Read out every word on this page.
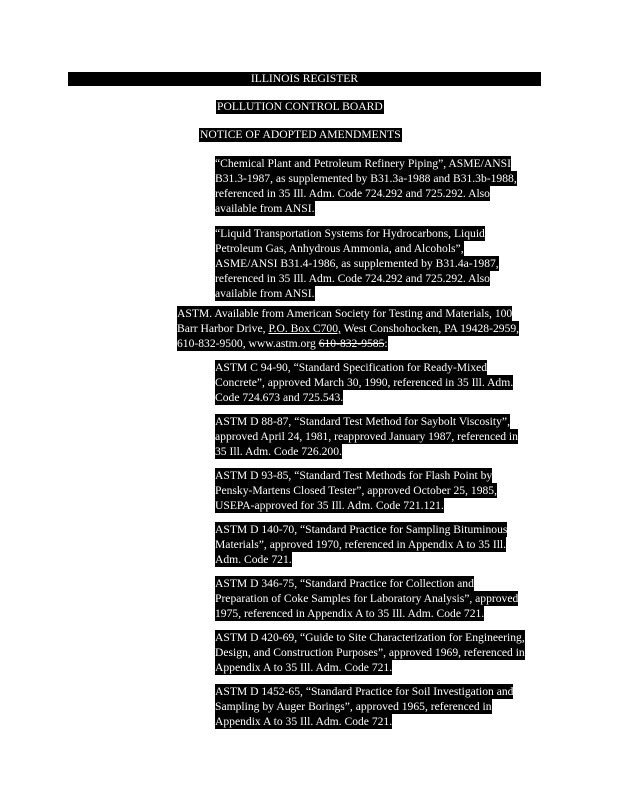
ILLINOIS REGISTER
POLLUTION CONTROL BOARD
NOTICE OF ADOPTED AMENDMENTS
“Chemical Plant and Petroleum Refinery Piping”, ASME/ANSI
B31.3-1987, as supplemented by B31.3a-1988 and B31.3b-1988,
referenced in 35 Ill. Adm. Code 724.292 and 725.292. Also
available from ANSI.
“Liquid Transportation Systems for Hydrocarbons, Liquid
Petroleum Gas, Anhydrous Ammonia, and Alcohols”,
ASME/ANSI B31.4-1986, as supplemented by B31.4a-1987,
referenced in 35 Ill. Adm. Code 724.292 and 725.292. Also
available from ANSI.
ASTM. Available from American Society for Testing and Materials, 100
Barr Harbor Drive, P.O. Box C700, West Conshohocken, PA 19428-2959,
610-832-9500, www.astm.org 610-832-9585:
ASTM C 94-90, “Standard Specification for Ready-Mixed
Concrete”, approved March 30, 1990, referenced in 35 Ill. Adm.
Code 724.673 and 725.543.
ASTM D 88-87, “Standard Test Method for Saybolt Viscosity”,
approved April 24, 1981, reapproved January 1987, referenced in
35 Ill. Adm. Code 726.200.
ASTM D 93-85, “Standard Test Methods for Flash Point by
Pensky-Martens Closed Tester”, approved October 25, 1985,
USEPA-approved for 35 Ill. Adm. Code 721.121.
ASTM D 140-70, “Standard Practice for Sampling Bituminous
Materials”, approved 1970, referenced in Appendix A to 35 Ill.
Adm. Code 721.
ASTM D 346-75, “Standard Practice for Collection and
Preparation of Coke Samples for Laboratory Analysis”, approved
1975, referenced in Appendix A to 35 Ill. Adm. Code 721.
ASTM D 420-69, “Guide to Site Characterization for Engineering,
Design, and Construction Purposes”, approved 1969, referenced in
Appendix A to 35 Ill. Adm. Code 721.
ASTM D 1452-65, “Standard Practice for Soil Investigation and
Sampling by Auger Borings”, approved 1965, referenced in
Appendix A to 35 Ill. Adm. Code 721.
